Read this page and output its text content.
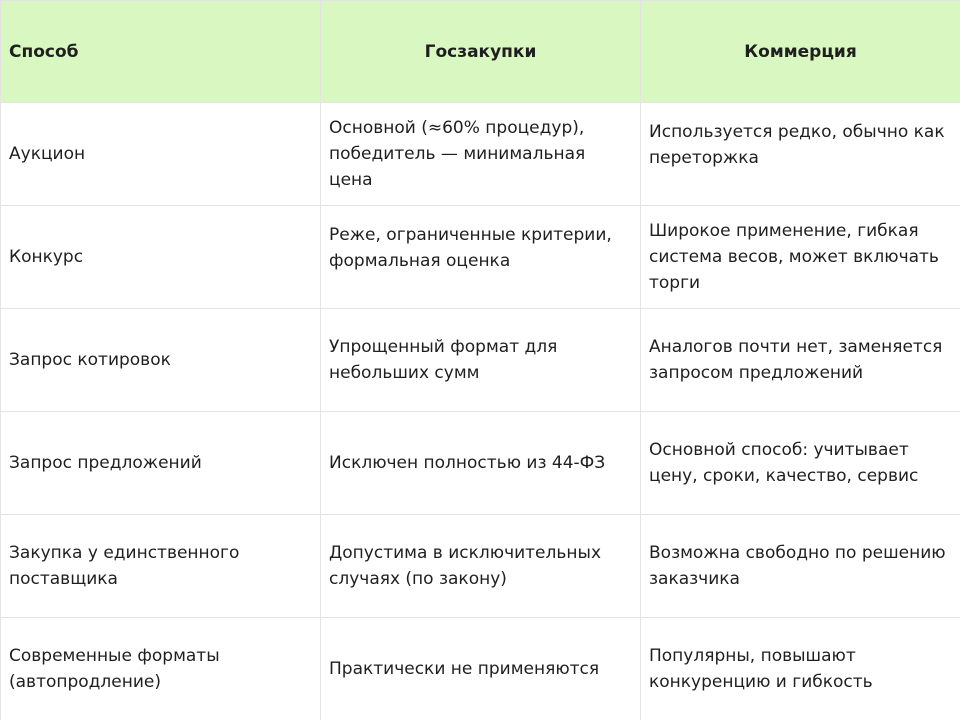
Способ	Госзакупки	Коммерция
Аукцион	Основной (≈60% процедур), победитель — минимальная цена	Используется редко, обычно как переторжка
Конкурс	Реже, ограниченные критерии, формальная оценка	Широкое применение, гибкая система весов, может включать торги
Запрос котировок	Упрощенный формат для небольших сумм	Аналогов почти нет, заменяется запросом предложений
Запрос предложений	Исключен полностью из 44-ФЗ	Основной способ: учитывает цену, сроки, качество, сервис
Закупка у единственного поставщика	Допустима в исключительных случаях (по закону)	Возможна свободно по решению заказчика
Современные форматы (автопродление)	Практически не применяются	Популярны, повышают конкуренцию и гибкость
